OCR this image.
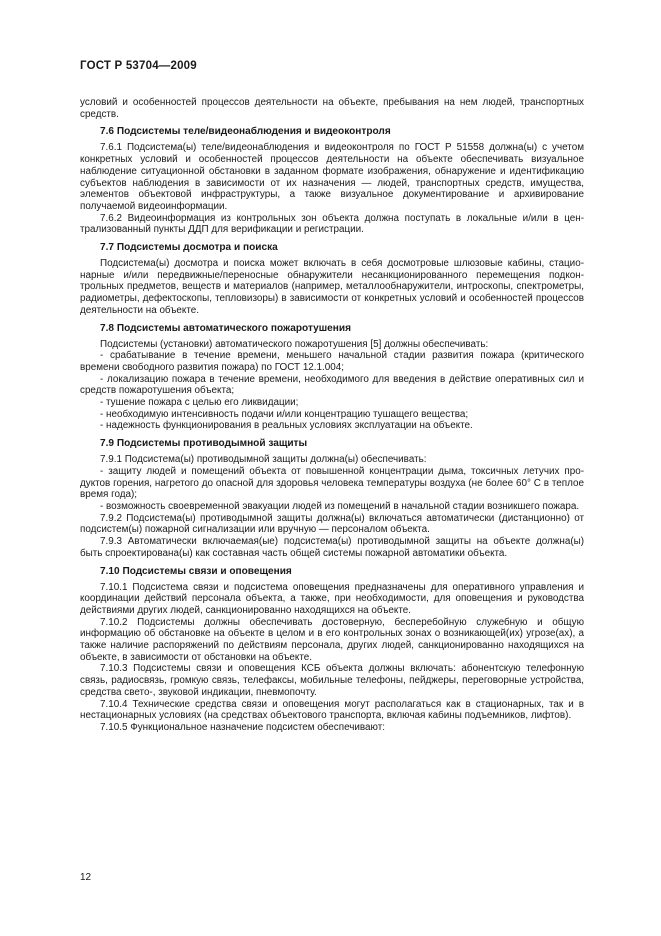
ГОСТ Р 53704—2009

условий и особенностей процессов деятельности на объекте, пребывания на нем людей, транспортных средств.

7.6 Подсистемы теле/видеонаблюдения и видеоконтроля

7.6.1 Подсистема(ы) теле/видеонаблюдения и видеоконтроля по ГОСТ Р 51558 должна(ы) с учетом конкретных условий и особенностей процессов деятельности на объекте обеспечивать визуальное наблюдение ситуационной обстановки в заданном формате изображения, обнаружение и идентификацию субъектов наблюдения в зависимости от их назначения — людей, транспортных средств, имущества, элементов объектовой инфраструктуры, а также визуальное документирование и архивирование получаемой видеоинформации.

7.6.2 Видеоинформация из контрольных зон объекта должна поступать в локальные и/или в централизованный пункты ДДП для верификации и регистрации.

7.7 Подсистемы досмотра и поиска

Подсистема(ы) досмотра и поиска может включать в себя досмотровые шлюзовые кабины, стационарные и/или передвижные/переносные обнаружители несанкционированного перемещения подконтрольных предметов, веществ и материалов (например, металлообнаружители, интроскопы, спектрометры, радиометры, дефектоскопы, тепловизоры) в зависимости от конкретных условий и особенностей процессов деятельности на объекте.

7.8 Подсистемы автоматического пожаротушения

Подсистемы (установки) автоматического пожаротушения [5] должны обеспечивать:

- срабатывание в течение времени, меньшего начальной стадии развития пожара (критического времени свободного развития пожара) по ГОСТ 12.1.004;

- локализацию пожара в течение времени, необходимого для введения в действие оперативных сил и средств пожаротушения объекта;

- тушение пожара с целью его ликвидации;

- необходимую интенсивность подачи и/или концентрацию тушащего вещества;

- надежность функционирования в реальных условиях эксплуатации на объекте.

7.9 Подсистемы противодымной защиты

7.9.1 Подсистема(ы) противодымной защиты должна(ы) обеспечивать:

- защиту людей и помещений объекта от повышенной концентрации дыма, токсичных летучих продуктов горения, нагретого до опасной для здоровья человека температуры воздуха (не более 60° С в теплое время года);

- возможность своевременной эвакуации людей из помещений в начальной стадии возникшего пожара.

7.9.2 Подсистема(ы) противодымной защиты должна(ы) включаться автоматически (дистанционно) от подсистем(ы) пожарной сигнализации или вручную — персоналом объекта.

7.9.3 Автоматически включаемая(ые) подсистема(ы) противодымной защиты на объекте должна(ы) быть спроектирована(ы) как составная часть общей системы пожарной автоматики объекта.

7.10 Подсистемы связи и оповещения

7.10.1 Подсистема связи и подсистема оповещения предназначены для оперативного управления и координации действий персонала объекта, а также, при необходимости, для оповещения и руководства действиями других людей, санкционированно находящихся на объекте.

7.10.2 Подсистемы должны обеспечивать достоверную, бесперебойную служебную и общую информацию об обстановке на объекте в целом и в его контрольных зонах о возникающей(их) угрозе(ах), а также наличие распоряжений по действиям персонала, других людей, санкционированно находящихся на объекте, в зависимости от обстановки на объекте.

7.10.3 Подсистемы связи и оповещения КСБ объекта должны включать: абонентскую телефонную связь, радиосвязь, громкую связь, телефаксы, мобильные телефоны, пейджеры, переговорные устройства, средства свето-, звуковой индикации, пневмопочту.

7.10.4 Технические средства связи и оповещения могут располагаться как в стационарных, так и в нестационарных условиях (на средствах объектового транспорта, включая кабины подъемников, лифтов).

7.10.5 Функциональное назначение подсистем обеспечивают:

12
